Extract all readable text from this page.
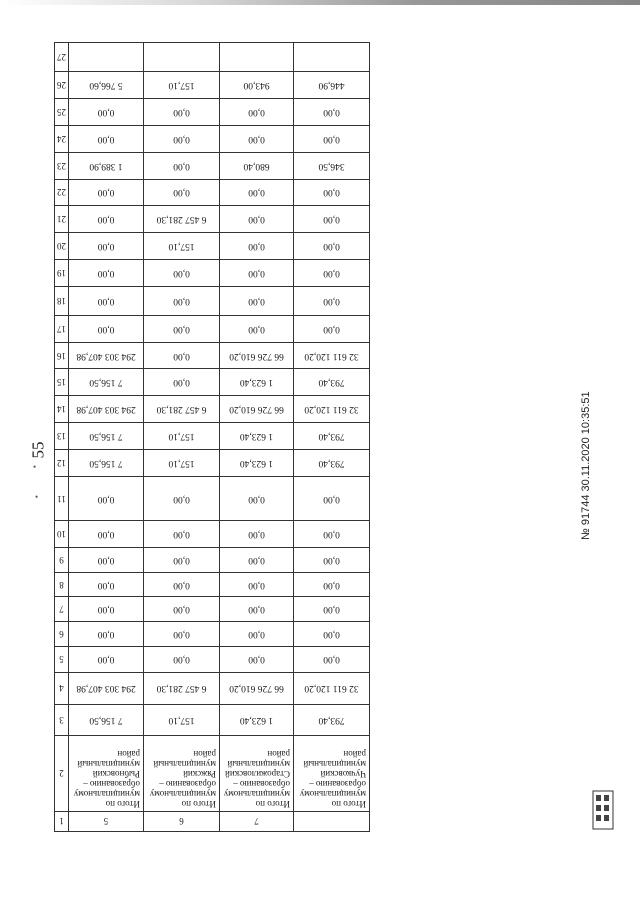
55
•
•
	7	6	5	1
Итого по муниципальному образованию – Чучковский муниципальный район	Итого по муниципальному образованию – Старожиловский муниципальный район	Итого по муниципальному образованию – Ряжский муниципальный район	Итого по муниципальному образованию – Рыбновский муниципальный район	2
793,40	1 623,40	157,10	7 156,50	3
32 611 120,20	66 726 610,20	6 457 281,30	294 303 407,98	4
0,00	0,00	0,00	0,00	5
0,00	0,00	0,00	0,00	6
0,00	0,00	0,00	0,00	7
0,00	0,00	0,00	0,00	8
0,00	0,00	0,00	0,00	9
0,00	0,00	0,00	0,00	10
0,00	0,00	0,00	0,00	11
793,40	1 623,40	157,10	7 156,50	12
793,40	1 623,40	157,10	7 156,50	13
32 611 120,20	66 726 610,20	6 457 281,30	294 303 407,98	14
793,40	1 623,40	0,00	7 156,50	15
32 611 120,20	66 726 610,20	0,00	294 303 407,98	16
0,00	0,00	0,00	0,00	17
0,00	0,00	0,00	0,00	18
0,00	0,00	0,00	0,00	19
0,00	0,00	157,10	0,00	20
0,00	0,00	6 457 281,30	0,00	21
0,00	0,00	0,00	0,00	22
346,50	680,40	0,00	1 389,90	23
0,00	0,00	0,00	0,00	24
0,00	0,00	0,00	0,00	25
446,90	943,00	157,10	5 766,60	26
				27
№ 91744 30.11.2020 10:35:51
